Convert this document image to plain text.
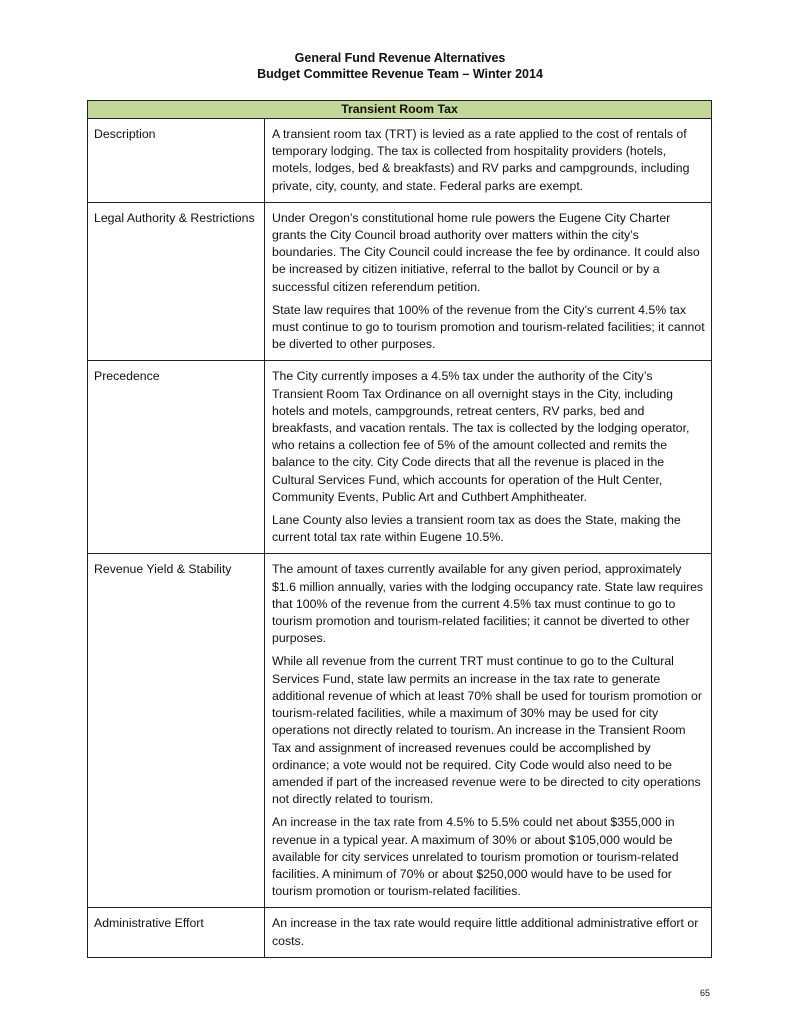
General Fund Revenue Alternatives
Budget Committee Revenue Team – Winter 2014
Transient Room Tax	
Description	A transient room tax (TRT) is levied as a rate applied to the cost of rentals of temporary lodging. The tax is collected from hospitality providers (hotels, motels, lodges, bed & breakfasts) and RV parks and campgrounds, including private, city, county, and state. Federal parks are exempt.

Legal Authority & Restrictions	Under Oregon’s constitutional home rule powers the Eugene City Charter grants the City Council broad authority over matters within the city’s boundaries. The City Council could increase the fee by ordinance. It could also be increased by citizen initiative, referral to the ballot by Council or by a successful citizen referendum petition.

State law requires that 100% of the revenue from the City’s current 4.5% tax must continue to go to tourism promotion and tourism-related facilities; it cannot be diverted to other purposes.

Precedence	The City currently imposes a 4.5% tax under the authority of the City’s Transient Room Tax Ordinance on all overnight stays in the City, including hotels and motels, campgrounds, retreat centers, RV parks, bed and breakfasts, and vacation rentals. The tax is collected by the lodging operator, who retains a collection fee of 5% of the amount collected and remits the balance to the city. City Code directs that all the revenue is placed in the Cultural Services Fund, which accounts for operation of the Hult Center, Community Events, Public Art and Cuthbert Amphitheater.

Lane County also levies a transient room tax as does the State, making the current total tax rate within Eugene 10.5%.

Revenue Yield & Stability	The amount of taxes currently available for any given period, approximately $1.6 million annually, varies with the lodging occupancy rate. State law requires that 100% of the revenue from the current 4.5% tax must continue to go to tourism promotion and tourism-related facilities; it cannot be diverted to other purposes.

While all revenue from the current TRT must continue to go to the Cultural Services Fund, state law permits an increase in the tax rate to generate additional revenue of which at least 70% shall be used for tourism promotion or tourism-related facilities, while a maximum of 30% may be used for city operations not directly related to tourism. An increase in the Transient Room Tax and assignment of increased revenues could be accomplished by ordinance; a vote would not be required. City Code would also need to be amended if part of the increased revenue were to be directed to city operations not directly related to tourism.

An increase in the tax rate from 4.5% to 5.5% could net about $355,000 in revenue in a typical year. A maximum of 30% or about $105,000 would be available for city services unrelated to tourism promotion or tourism-related facilities. A minimum of 70% or about $250,000 would have to be used for tourism promotion or tourism-related facilities.

Administrative Effort	An increase in the tax rate would require little additional administrative effort or costs.

65
